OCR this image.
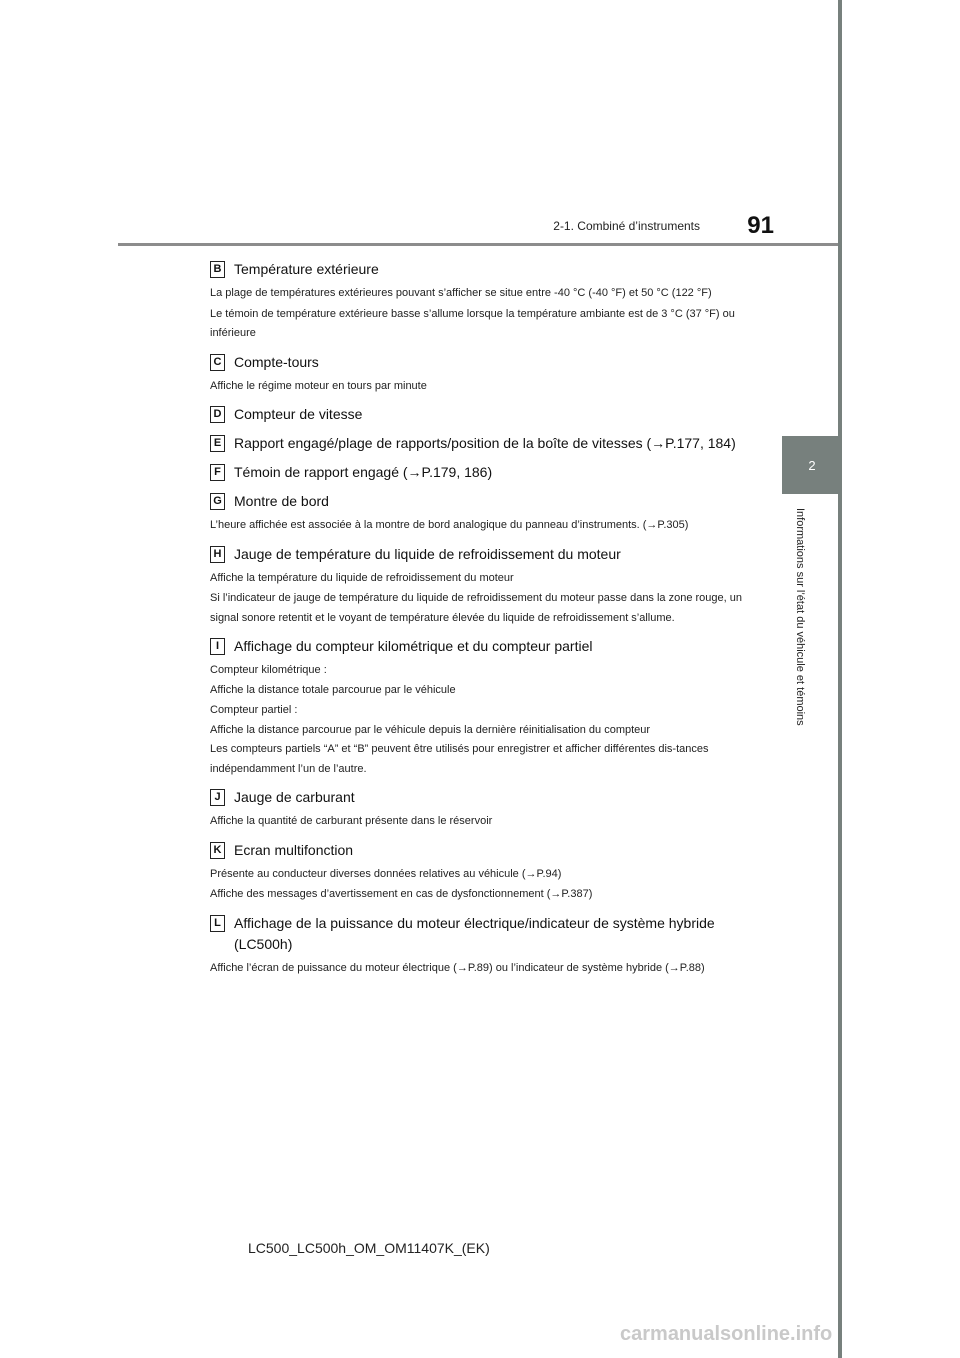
2-1. Combiné d’instruments	91
2
Informations sur l’état du véhicule et témoins
B Température extérieure

La plage de températures extérieures pouvant s’afficher se situe entre -40 °C (-40 °F) et 50 °C (122 °F)

Le témoin de température extérieure basse s’allume lorsque la température ambiante est de 3 °C (37 °F) ou inférieure

C Compte-tours

Affiche le régime moteur en tours par minute

D Compteur de vitesse
E Rapport engagé/plage de rapports/position de la boîte de vitesses (→P.177, 184)
F Témoin de rapport engagé (→P.179, 186)
G Montre de bord

L’heure affichée est associée à la montre de bord analogique du panneau d’instruments. (→P.305)

H Jauge de température du liquide de refroidissement du moteur

Affiche la température du liquide de refroidissement du moteur

Si l’indicateur de jauge de température du liquide de refroidissement du moteur passe dans la zone rouge, un signal sonore retentit et le voyant de température élevée du liquide de refroidissement s’allume.

I	Affichage du compteur kilométrique et du compteur partiel

Compteur kilométrique :

Affiche la distance totale parcourue par le véhicule

Compteur partiel :

Affiche la distance parcourue par le véhicule depuis la dernière réinitialisation du compteur

Les compteurs partiels “A” et “B” peuvent être utilisés pour enregistrer et afficher différentes dis-tances indépendamment l’un de l’autre.

J Jauge de carburant

Affiche la quantité de carburant présente dans le réservoir

K Ecran multifonction

Présente au conducteur diverses données relatives au véhicule (→P.94)

Affiche des messages d’avertissement en cas de dysfonctionnement (→P.387)

L Affichage de la puissance du moteur électrique/indicateur de système hybride (LC500h)

Affiche l’écran de puissance du moteur électrique (→P.89) ou l’indicateur de système hybride (→P.88)

LC500_LC500h_OM_OM11407K_(EK)
carmanualsonline.info
